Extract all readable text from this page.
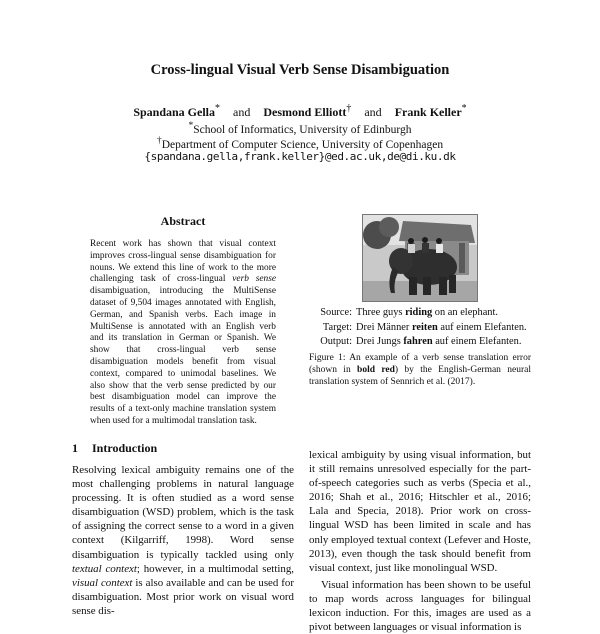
Cross-lingual Visual Verb Sense Disambiguation
Spandana Gella* and Desmond Elliott† and Frank Keller*
*School of Informatics, University of Edinburgh
†Department of Computer Science, University of Copenhagen
{spandana.gella,frank.keller}@ed.ac.uk,de@di.ku.dk
Abstract
Recent work has shown that visual context improves cross-lingual sense disambiguation for nouns. We extend this line of work to the more challenging task of cross-lingual verb sense disambiguation, introducing the MultiSense dataset of 9,504 images annotated with English, German, and Spanish verbs. Each image in MultiSense is annotated with an English verb and its translation in German or Spanish. We show that cross-lingual verb sense disambiguation models benefit from visual context, compared to unimodal baselines. We also show that the verb sense predicted by our best disambiguation model can improve the results of a text-only machine translation system when used for a multimodal translation task.
Source: Three guys riding on an elephant.
Target: Drei Männer reiten auf einem Elefanten.
Output: Drei Jungs fahren auf einem Elefanten.
Figure 1: An example of a verb sense translation error (shown in bold red) by the English-German neural translation system of Sennrich et al. (2017).
1 Introduction

Resolving lexical ambiguity remains one of the most challenging problems in natural language processing. It is often studied as a word sense disambiguation (WSD) problem, which is the task of assigning the correct sense to a word in a given context (Kilgarriff, 1998). Word sense disambiguation is typically tackled using only textual context; however, in a multimodal setting, visual context is also available and can be used for disambiguation. Most prior work on visual word sense dis-

lexical ambiguity by using visual information, but it still remains unresolved especially for the part-of-speech categories such as verbs (Specia et al., 2016; Shah et al., 2016; Hitschler et al., 2016; Lala and Specia, 2018). Prior work on cross-lingual WSD has been limited in scale and has only employed textual context (Lefever and Hoste, 2013), even though the task should benefit from visual context, just like monolingual WSD.

Visual information has been shown to be useful to map words across languages for bilingual lexicon induction. For this, images are used as a pivot between languages or visual information is
